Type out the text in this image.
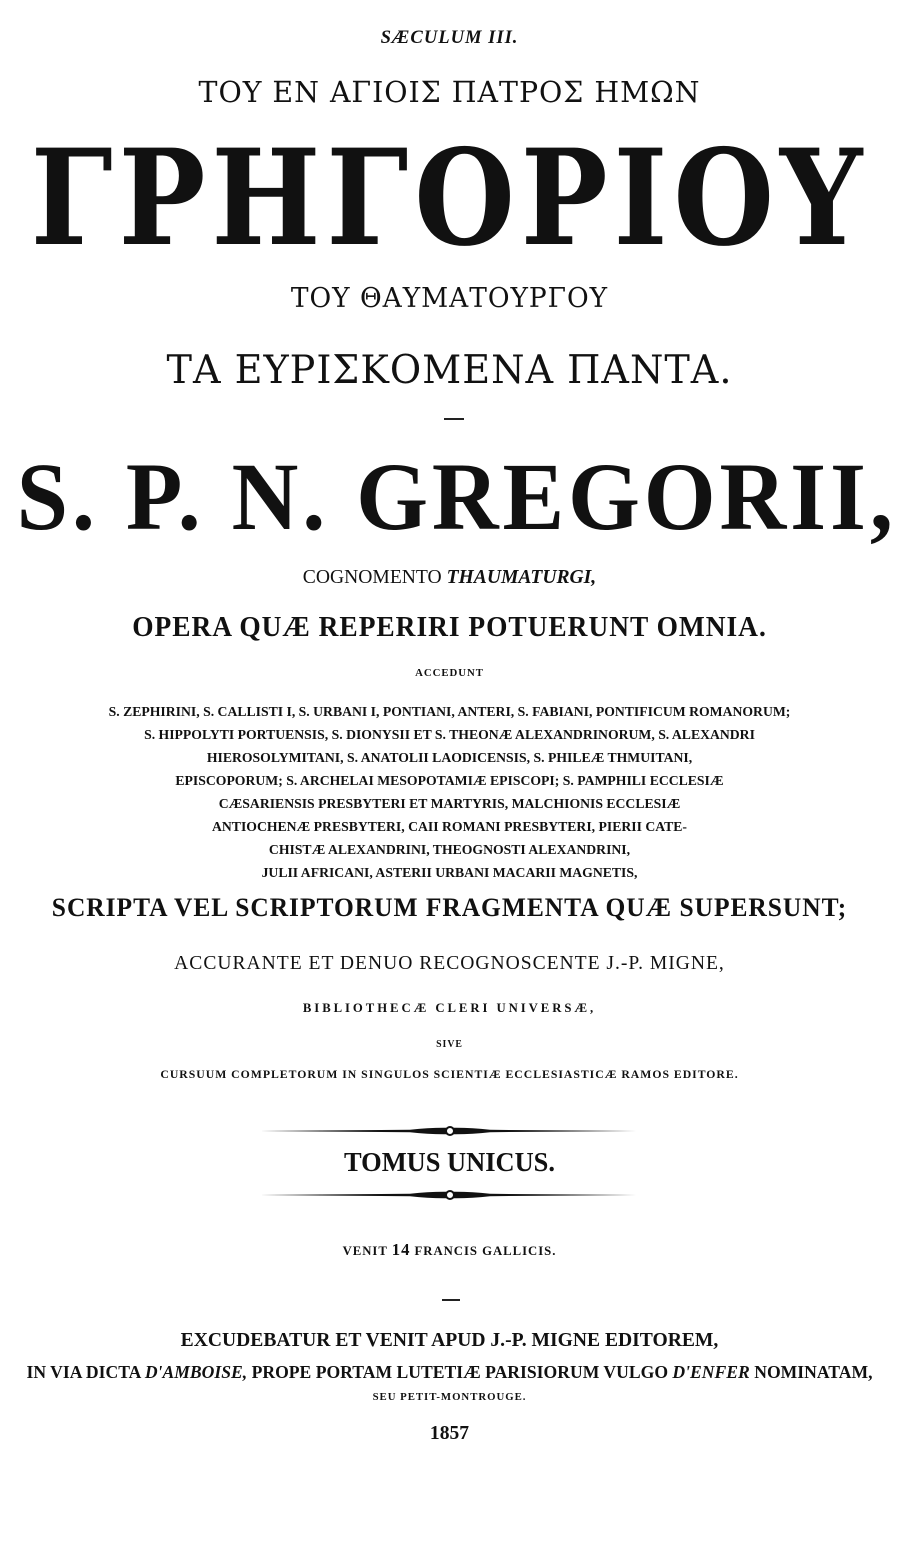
SÆCULUM III.
ΤΟΥ ΕΝ ΑΓΙΟΙΣ ΠΑΤΡΟΣ ΗΜΩΝ
ΓΡΗΓΟΡΙΟΥ
ΤΟΥ ΘΑΥΜΑΤΟΥΡΓΟΥ
ΤΑ ΕΥΡΙΣΚΟΜΕΝΑ ΠΑΝΤΑ.
S. P. N. GREGORII,
COGNOMENTO THAUMATURGI,
OPERA QUÆ REPERIRI POTUERUNT OMNIA.
ACCEDUNT
S. ZEPHIRINI, S. CALLISTI I, S. URBANI I, PONTIANI, ANTERI, S. FABIANI, PONTIFICUM ROMANORUM;
S. HIPPOLYTI PORTUENSIS, S. DIONYSII ET S. THEONÆ ALEXANDRINORUM, S. ALEXANDRI
HIEROSOLYMITANI, S. ANATOLII LAODICENSIS, S. PHILEÆ THMUITANI,
EPISCOPORUM; S. ARCHELAI MESOPOTAMIÆ EPISCOPI; S. PAMPHILI ECCLESIÆ
CÆSARIENSIS PRESBYTERI ET MARTYRIS, MALCHIONIS ECCLESIÆ
ANTIOCHENÆ PRESBYTERI, CAII ROMANI PRESBYTERI, PIERII CATE-
CHISTÆ ALEXANDRINI, THEOGNOSTI ALEXANDRINI,
JULII AFRICANI, ASTERII URBANI MACARII MAGNETIS,
SCRIPTA VEL SCRIPTORUM FRAGMENTA QUÆ SUPERSUNT;
ACCURANTE ET DENUO RECOGNOSCENTE J.-P. MIGNE,
BIBLIOTHECÆ CLERI UNIVERSÆ,
SIVE
CURSUUM COMPLETORUM IN SINGULOS SCIENTIÆ ECCLESIASTICÆ RAMOS EDITORE.
TOMUS UNICUS.
VENIT 14 FRANCIS GALLICIS.
EXCUDEBATUR ET VENIT APUD J.-P. MIGNE EDITOREM,
IN VIA DICTA D'AMBOISE, PROPE PORTAM LUTETIÆ PARISIORUM VULGO D'ENFER NOMINATAM,
SEU PETIT-MONTROUGE.
1857
